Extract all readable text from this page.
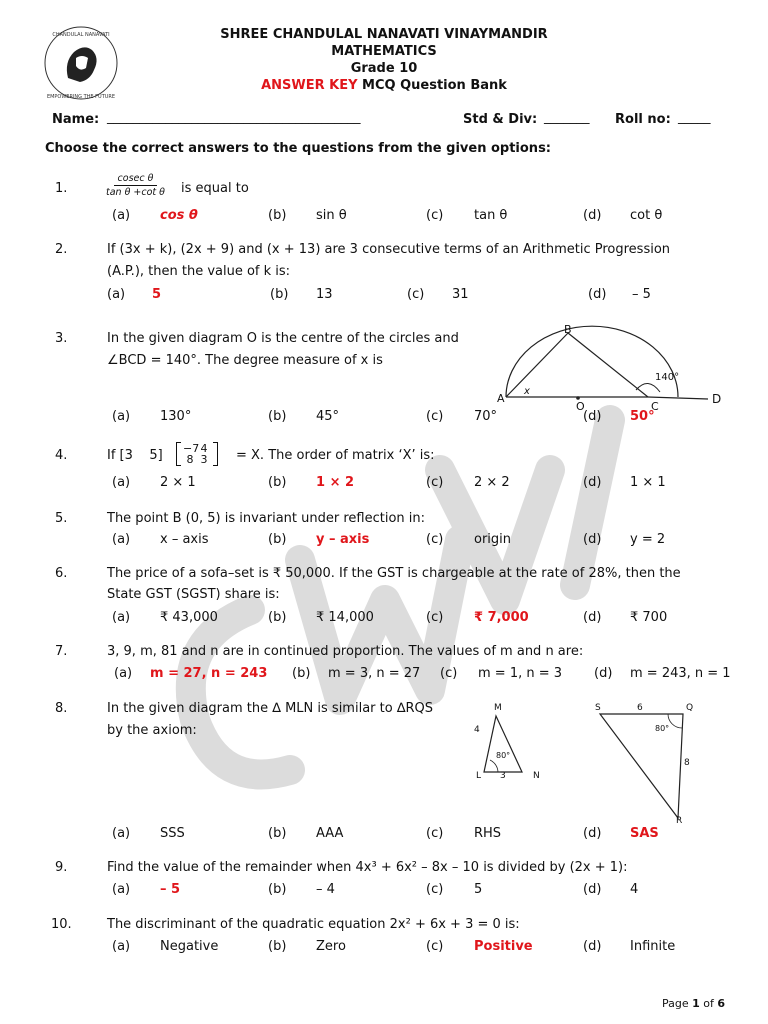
CHANDULAL NANAVATI
EMPOWERING THE FUTURE
SHREE CHANDULAL NANAVATI VINAYMANDIR
MATHEMATICS
Grade 10
ANSWER KEY MCQ Question Bank
Name: _______________________________________	Std & Div: _______ Roll no: _____
Choose the correct answers to the questions from the given options:
1.	$\frac{\text{cosec θ}}{\text{tan θ +cot θ}}$ is equal to
(a) cos θ	(b) sin θ	(c) tan θ	(d) cot θ
2.	If (3x + k), (2x + 9) and (x + 13) are 3 consecutive terms of an Arithmetic Progression
(A.P.), then the value of k is:
(a) 5	(b) 13	(c) 31	(d) – 5
3.	In the given diagram O is the centre of the circles and
∠BCD = 140°. The degree measure of x is
B
A
x
O	C
D
140°
(a) 130°	(b) 45°	(c) 70°	(d) 50°
4.	If [3    5] −7 4
8 3 = X. The order of matrix ‘X’ is:
(a) 2 × 1	(b) 1 × 2	(c) 2 × 2	(d) 1 × 1
5.	The point B (0, 5) is invariant under reflection in:
(a) x – axis	(b) y – axis	(c) origin	(d) y = 2
6.	The price of a sofa–set is ₹ 50,000. If the GST is chargeable at the rate of 28%, then the
State GST (SGST) share is:
(a) ₹ 43,000	(b) ₹ 14,000	(c) ₹ 7,000	(d) ₹ 700
7.	3, 9, m, 81 and n are in continued proportion. The values of m and n are:
(a) m = 27, n = 243 (b) m = 3, n = 27 (c) m = 1, n = 3 (d) m = 243, n = 1
8.	In the given diagram the ∆ MLN is similar to ∆RQS
by the axiom:
M
4
80°
L 3	N
S	6	Q
80°
8
R
(a) SSS	(b) AAA	(c) RHS	(d) SAS
9.	Find the value of the remainder when 4x³ + 6x² – 8x – 10 is divided by (2x + 1):
(a) – 5	(b) – 4	(c) 5	(d) 4
10.	The discriminant of the quadratic equation 2x² + 6x + 3 = 0 is:
(a) Negative	(b) Zero	(c) Positive	(d) Infinite
Page 1 of 6
